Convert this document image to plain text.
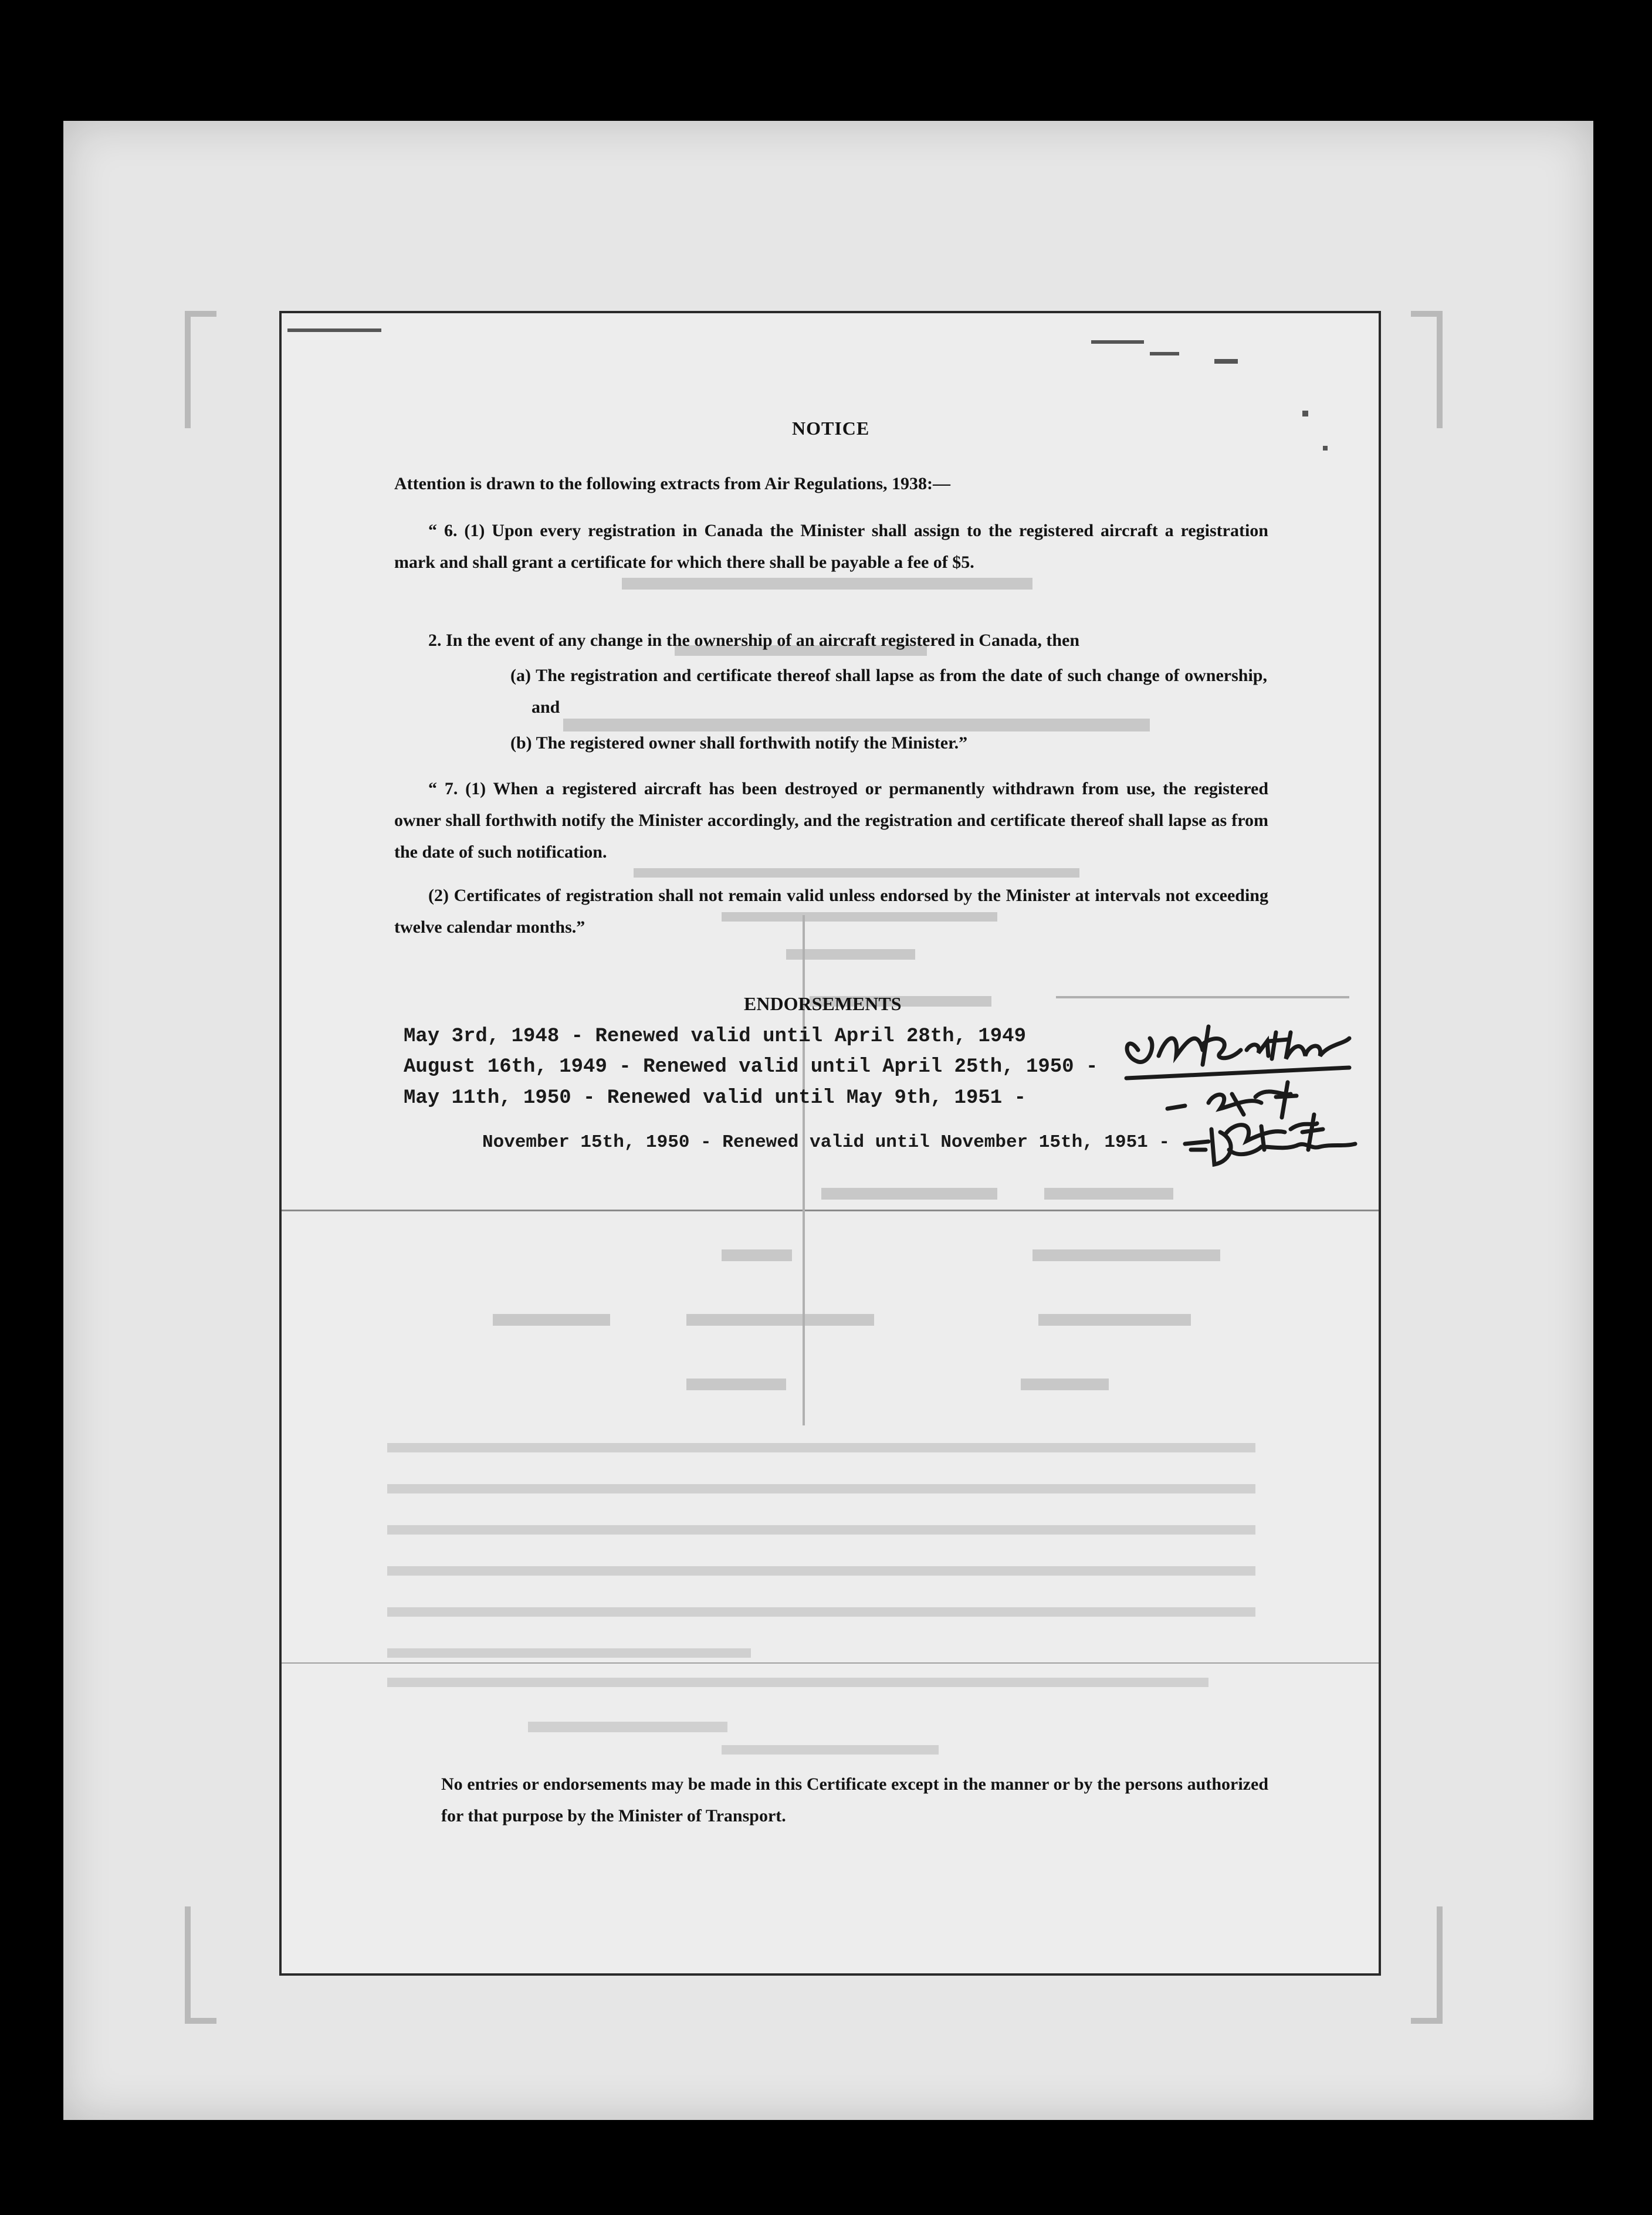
NOTICE
Attention is drawn to the following extracts from Air Regulations, 1938:—
“ 6. (1) Upon every registration in Canada the Minister shall assign to the registered aircraft a registration mark and shall grant a certificate for which there shall be payable a fee of $5.
2. In the event of any change in the ownership of an aircraft registered in Canada, then
(a) The registration and certificate thereof shall lapse as from the date of such change of ownership, and
(b) The registered owner shall forthwith notify the Minister.”
“ 7. (1) When a registered aircraft has been destroyed or permanently withdrawn from use, the registered owner shall forthwith notify the Minister accordingly, and the registration and certificate thereof shall lapse as from the date of such notification.
(2) Certificates of registration shall not remain valid unless endorsed by the Minister at intervals not exceeding twelve calendar months.”
ENDORSEMENTS
May 3rd, 1948 - Renewed valid until April 28th, 1949
August 16th, 1949 - Renewed valid until April 25th, 1950 -
May 11th, 1950 - Renewed valid until May 9th, 1951 -
November 15th, 1950 - Renewed valid until November 15th, 1951 -
No entries or endorsements may be made in this Certificate except in the manner or by the persons authorized for that purpose by the Minister of Transport.
